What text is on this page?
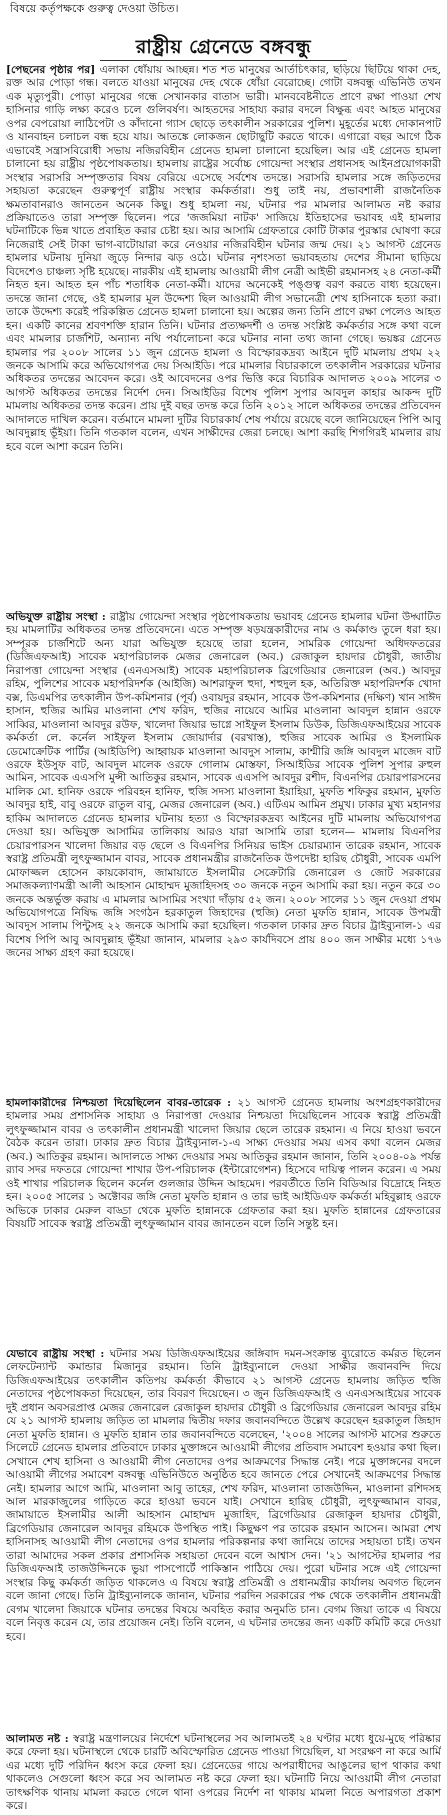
বিষয়ে কর্তৃপক্ষকে গুরুত্ব দেওয়া উচিত।
রাষ্ট্রীয় গ্রেনেডে বঙ্গবন্ধু
[পেছনের পৃষ্ঠার পর] এলাকা ধোঁয়ায় আচ্ছন্ন। শত শত মানুষের আর্তচিৎকার, ছড়িয়ে ছিটিয়ে থাকা দেহ, রক্ত আর পোড়া গন্ধ। বলতে যাওয়া মানুষের দেহ থেকে ধোঁয়া বেরোচ্ছে। গোটা বঙ্গবন্ধু এভিনিউ তখন এক মৃত্যুপুরী। পোড়া মানুষের গন্ধে সেখানকার বাতাস ভারী। মানববেষ্টনীতে প্রাণে রক্ষা পাওয়া শেখ হাসিনার গাড়ি লক্ষ্য করেও চলে গুলিবর্ষণ। আহতদের সাহায্য করার বদলে বিক্ষুব্ধ এবং আহত মানুষের ওপর বেপরোয়া লাঠিপেটা ও কাঁদানো গ্যাস ছোড়ে তৎকালীন সরকারের পুলিশ। মুহূর্তের মধ্যে দোকানপাট ও যানবাহন চলাচল বন্ধ হয়ে যায়। আতঙ্কে লোকজন ছোটাছুটি করতে থাকে। এগারো বছর আগে ঠিক এভাবেই সন্ত্রাসবিরোধী সভায় নজিরবিহীন গ্রেনেড হামলা চালানো হয়েছিল। আর এই গ্রেনেড হামলা চালানো হয় রাষ্ট্রীয় পৃষ্ঠপোষকতায়। হামলায় রাষ্ট্রের সর্বোচ্চ গোয়েন্দা সংস্থার প্রধানসহ আইনপ্রয়োগকারী সংস্থার সরাসরি সম্পৃক্ততার বিষয় বেরিয়ে এসেছে সর্বশেষ তদন্তে। সরাসরি হামলার সঙ্গে জড়িতদের সহায়তা করেছেন গুরুত্বপূর্ণ রাষ্ট্রীয় সংস্থার কর্মকর্তারা। শুধু তাই নয়, প্রভাবশালী রাজনৈতিক ক্ষমতাবানরাও জানতেন অনেক কিছু। শুধু হামলা নয়, ঘটনার পর মামলার আলামত নষ্ট করার প্রক্রিয়াতেও তারা সম্পৃক্ত ছিলেন। পরে 'জজমিয়া নাটক' সাজিয়ে ইতিহাসের ভয়াবহ এই হামলার ঘটনাটিকে ভিন্ন খাতে প্রবাহিত করার চেষ্টা হয়। আর আসামি গ্রেফতারে কোটি টাকার পুরস্কার ঘোষণা করে নিজেরাই সেই টাকা ভাগ-বাটোয়ারা করে নেওয়ার নজিরবিহীন ঘটনার জন্ম দেয়। ২১ আগস্ট গ্রেনেড হামলার ঘটনায় দুনিয়া জুড়ে নিন্দার ঝড় ওঠে। ঘটনার নৃশংসতা ভয়াবহতায় দেশের সীমানা ছাড়িয়ে বিদেশেও চাঞ্চল্য সৃষ্টি হয়েছে। নারকীয় এই হামলায় আওয়ামী লীগ নেত্রী আইভী রহমানসহ ২৪ নেতা-কর্মী নিহত হন। আহত হন পাঁচ শতাধিক নেতা-কর্মী। যাদের অনেকেই পঙ্গুত্ব বরণ করতে বাধ্য হয়েছেন। তদন্তে জানা গেছে, ওই হামলার মূল উদ্দেশ্য ছিল আওয়ামী লীগ সভানেত্রী শেখ হাসিনাকে হত্যা করা। তাকে উদ্দেশ্য করেই পরিকল্পিত গ্রেনেড হামলা চালানো হয়। অল্পের জন্য তিনি প্রাণে রক্ষা পেলেও আহত হন। একটি কানের শ্রবণশক্তি হারান তিনি। ঘটনার প্রত্যক্ষদর্শী ও তদন্ত সংশ্লিষ্ট কর্মকর্তার সঙ্গে কথা বলে এবং মামলার চার্জশিট, অন্যান্য নথি পর্যালোচনা করে ঘটনার নানা তথ্য জানা গেছে। ভয়ঙ্কর গ্রেনেড হামলার পর ২০০৮ সালের ১১ জুন গ্রেনেড হামলা ও বিস্ফোরকদ্রব্য আইনে দুটি মামলায় প্রথম ২২ জনকে আসামি করে অভিযোগপত্র দেয় সিআইডি। পরে মামলার বিচারকালে তৎকালীন সরকারের ঘটনার অধিকতর তদন্তের আবেদন করে। ওই আবেদনের ওপর ভিত্তি করে বিচারিক আদালত ২০০৯ সালের ৩ আগস্ট অধিকতর তদন্তের নির্দেশ দেন। সিআইডির বিশেষ পুলিশ সুপার আবদুল কাহার আকন্দ দুটি মামলায় অধিকতর তদন্ত করেন। প্রায় দুই বছর তদন্ত করে তিনি ২০১২ সালে অধিকতর তদন্তের প্রতিবেদন আদালতে দাখিল করেন। বর্তমানে মামলা দুটির বিচারকার্য শেষ পর্যায়ে রয়েছে বলে জানিয়েছেন পিপি আবু আবদুল্লাহ ভূঁইয়া। তিনি গতকাল বলেন, এখন সাক্ষীদের জেরা চলছে। আশা করছি শিগগিরই মামলার রায় হবে বলে আশা করেন তিনি।
অভিযুক্ত রাষ্ট্রীয় সংস্থা : রাষ্ট্রীয় গোয়েন্দা সংস্থার পৃষ্ঠপোষকতায় ভয়াবহ গ্রেনেড হামলার ঘটনা উদ্ঘাটিত হয় মামলাটির অধিকতর তদন্ত প্রতিবেদনে। এতে সম্পৃক্ত ষড়যন্ত্রকারীদের নাম ও কর্মকাণ্ড তুলে ধরা হয়। সম্পূরক চার্জশিটে অন্য যারা অভিযুক্ত হয়েছে তারা হলেন, সামরিক গোয়েন্দা অধিদফতরের (ডিজিএফআই) সাবেক মহাপরিচালক মেজর জেনারেল (অব.) রেজাকুল হায়দার চৌধুরী, জাতীয় নিরাপত্তা গোয়েন্দা সংস্থার (এনএসআই) সাবেক মহাপরিচালক ব্রিগেডিয়ার জেনারেল (অব.) আবদুর রহিম, পুলিশের সাবেক মহাপরিদর্শক (আইজি) আশরাফুল হুদা, শহুদুল হক, অতিরিক্ত মহাপরিদর্শক খোদা বক্স, ডিএমপির তৎকালীন উপ-কমিশনার (পূর্ব) ওবায়দুর রহমান, সাবেক উপ-কমিশনার (দক্ষিণ) খান সাঈদ হাসান, হুজির আমির মাওলানা শেখ ফরিদ, হুজির নায়েবে আমির মাওলানা আবদুল হান্নান ওরফে সাব্বির, মাওলানা আবদুর রউফ, খালেদা জিয়ার ভাগ্নে সাইফুল ইসলাম ডিউক, ডিজিএফআইয়ের সাবেক কর্মকর্তা লে. কর্নেল সাইফুল ইসলাম জোয়ার্দার (বরখাস্ত), হুজির সাবেক আমির ও ইসলামিক ডেমোক্রেটিক পার্টির (আইডিপি) আহ্বায়ক মাওলানা আবদুস সালাম, কাশ্মীরি জঙ্গি আবদুল মাজেদ বাট ওরফে ইউসুফ বাট, আবদুল মালেক ওরফে গোলাম মোস্তফা, সিআইডির সাবেক পুলিশ সুপার রুহুল আমিন, সাবেক এএসপি মুন্সী আতিকুর রহমান, সাবেক এএসপি আবদুর রশীদ, বিএনপির চেয়ারপারসনের মালিক মো. হানিফ ওরফে পরিবহন হানিফ, হুজি সদস্য মাওলানা ইয়াহিয়া, মুফতি শফিকুর রহমান, মুফতি আবদুর হাই, বাবু ওরফে রাতুল বাবু, মেজর জেনারেল (অব.) এটিএম আমিন প্রমুখ। ঢাকার মুখ্য মহানগর হাকিম আদালতে গ্রেনেড হামলার ঘটনায় হত্যা ও বিস্ফোরকদ্রব্য আইনের দুটি মামলায় অভিযোগপত্র দেওয়া হয়। অভিযুক্ত আসামির তালিকায় আরও যারা আসামি তারা হলেন— মামলায় বিএনপির চেয়ারপারসন খালেদা জিয়ার বড় ছেলে ও বিএনপির সিনিয়র ভাইস চেয়ারম্যান তারেক রহমান, সাবেক স্বরাষ্ট্র প্রতিমন্ত্রী লুৎফুজ্জামান বাবর, সাবেক প্রধানমন্ত্রীর রাজনৈতিক উপদেষ্টা হারিছ চৌধুরী, সাবেক এমপি মোফাজ্জল হোসেন কায়কোবাদ, জামায়াতে ইসলামীর সেক্রেটারি জেনারেল ও জোট সরকারের সমাজকল্যাণমন্ত্রী আলী আহসান মোহাম্মদ মুজাহিদসহ ৩০ জনকে নতুন আসামি করা হয়। নতুন করে ৩০ জনকে অন্তর্ভুক্ত করায় এ মামলার আসামির সংখ্যা দাঁড়ায় ৫২ জন। ২০০৮ সালের ১১ জুন দেওয়া প্রথম অভিযোগপত্রে নিষিদ্ধ জঙ্গি সংগঠন হরকাতুল জিহাদের (হুজি) নেতা মুফতি হান্নান, সাবেক উপমন্ত্রী আবদুস সালাম পিন্টুসহ ২২ জনকে আসামি করা হয়েছিল। গতকাল ঢাকার দ্রুত বিচার ট্রাইব্যুনাল-১ এর বিশেষ পিপি আবু আবদুল্লাহ ভূঁইয়া জানান, মামলার ২৯৩ কার্যদিবসে প্রায় ৪০০ জন সাক্ষীর মধ্যে ১৭৬ জনের সাক্ষ্য গ্রহণ করা হয়েছে।
হামলাকারীদের নিশ্চয়তা দিয়েছিলেন বাবর-তারেক : ২১ আগস্ট গ্রেনেড হামলায় অংশগ্রহণকারীদের হামলার সময় প্রশাসনিক সাহায্য ও নিরাপত্তা দেওয়ার নিশ্চয়তা দিয়েছিলেন সাবেক স্বরাষ্ট্র প্রতিমন্ত্রী লুৎফুজ্জামান বাবর ও তৎকালীন প্রধানমন্ত্রী খালেদা জিয়ার ছেলে তারেক রহমান। এ নিয়ে হাওয়া ভবনে বৈঠক করেন তারা। ঢাকার দ্রুত বিচার ট্রাইব্যুনাল-১-এ সাক্ষ্য দেওয়ার সময় এসব কথা বলেন মেজর (অব.) আতিকুর রহমান। আদালতে সাক্ষ্য দেওয়ার সময় আতিকুর রহমান জানান, তিনি ২০০৪-০৯ পর্যন্ত র‍্যাব সদর দফতরে গোয়েন্দা শাখার উপ-পরিচালক (ইন্টারোগেশন) হিসেবে দায়িত্ব পালন করেন। এ সময় ওই শাখার পরিচালক ছিলেন কর্নেল গুলজার উদ্দিন আহমেদ। পরবর্তীতে তিনি বিডিআর বিদ্রোহে নিহত হন। ২০০৫ সালের ১ অক্টোবর জঙ্গি নেতা মুফতি হান্নান ও তার ভাই আইডিএফ কর্মকর্তা মহিবুল্লাহ ওরফে অভিকে ঢাকার মেরুল বাড্ডা থেকে মুফতি হান্নানকে গ্রেফতার করা হয়। মুফতি হান্নানের গ্রেফতারের বিষয়টি সাবেক স্বরাষ্ট্র প্রতিমন্ত্রী লুৎফুজ্জামান বাবর জানতেন বলে তিনি সন্তুষ্ট হন।
যেভাবে রাষ্ট্রীয় সংস্থা : ঘটনার সময় ডিজিএফআইয়ের জঙ্গিবাদ দমন-সংক্রান্ত ব্যুরোতে কর্মরত ছিলেন লেফটেন্যান্ট কমান্ডার মিজানুর রহমান। তিনি ট্রাইব্যুনালে দেওয়া সাক্ষীর জবানবন্দি দিয়ে ডিজিএফআইয়ের তৎকালীন কতিপয় কর্মকর্তা কীভাবে ২১ আগস্ট গ্রেনেড হামলায় জড়িত হুজি নেতাদের পৃষ্ঠপোষকতা দিয়েছেন, তার বিবরণ দিয়েছেন। ৩ জুন ডিজিএফআই ও এনএসআইয়ের সাবেক দুই প্রধান অবসরপ্রাপ্ত মেজর জেনারেল রেজাকুল হায়দার চৌধুরী ও ব্রিগেডিয়ার জেনারেল আবদুর রহিম যে ২১ আগস্ট হামলায় জড়িত তা মামলার দ্বিতীয় দফার জবানবন্দিতে উল্লেখ করেছেন হরকাতুল জিহাদ নেতা মুফতি হান্নান। ও মুফতি হান্নান তার জবানবন্দিতে বলেছেন, '২০০৪ সালের আগস্ট মাসের শুরুতে সিলেটে গ্রেনেড হামলার প্রতিবাদে ঢাকার মুক্তাঙ্গনে আওয়ামী লীগের প্রতিবাদ সমাবেশ হওয়ার কথা ছিল। সেখানে শেখ হাসিনা ও আওয়ামী লীগ নেতাদের ওপর আক্রমণের সিদ্ধান্ত নেই। পরে মুক্তাঙ্গনের বদলে আওয়ামী লীগের সমাবেশ বঙ্গবন্ধু এভিনিউতে অনুষ্ঠিত হবে জানতে পেরে সেখানেই আক্রমণের সিদ্ধান্ত নেই। হামলার আগে আমি, মাওলানা আবু তাহের, শেখ ফরিদ, মাওলানা তাজউদ্দিন, মাওলানা রশিদসহ আল মারকাজুলের গাড়িতে করে হাওয়া ভবনে যাই। সেখানে হারিছ চৌধুরী, লুৎফুজ্জামান বাবর, জামায়াতে ইসলামীর আলী আহসান মোহাম্মদ মুজাহিদ, ব্রিগেডিয়ার রেজাকুল হায়দার চৌধুরী, ব্রিগেডিয়ার জেনারেল আবদুর রহিমকে উপস্থিত পাই। কিছুক্ষণ পর তারেক রহমান আসেন। আমরা শেখ হাসিনাসহ আওয়ামী লীগ নেতাদের ওপর হামলার পরিকল্পনার কথা জানিয়ে তাদের সহায়তা চাই। তখন তারা আমাদের সকল প্রকার প্রশাসনিক সহায়তা দেবেন বলে আশ্বাস দেন। '২১ আগস্টের হামলার পর ডিজিএফআই তাজউদ্দিনকে ভুয়া পাসপোর্টে পাকিস্তান পাঠিয়ে দেয়। পুরো ঘটনার সঙ্গে এই গোয়েন্দা সংস্থার কিছু কর্মকর্তা জড়িত থাকলেও এ বিষয়ে স্বরাষ্ট্র প্রতিমন্ত্রী ও প্রধানমন্ত্রীর কার্যালয় অবগত ছিলেন বলে জানা গেছে। তিনি ট্রাইব্যুনালকে জানান, ঘটনার পরদিন সরকারের পক্ষ থেকে তৎকালীন প্রধানমন্ত্রী বেগম খালেদা জিয়াকে ঘটনার তদন্তের বিষয়ে অবহিত করার অনুমতি চান। বেগম জিয়া তাকে এ বিষয়ে বলে নিবৃত্ত করেন যে, তার প্রয়োজন নেই। তিনি বলেন, এ ঘটনার তদন্তের জন্য একটি কমিটি করে দেওয়া হবে।
আলামত নষ্ট : স্বরাষ্ট্র মন্ত্রণালয়ের নির্দেশে ঘটনাস্থলের সব আলামতই ২৪ ঘণ্টার মধ্যে ধুয়ে-মুছে পরিষ্কার করে ফেলা হয়। ঘটনাস্থলে থেকে চারটি অবিস্ফোরিত গ্রেনেড পাওয়া গিয়েছিল, যা সংরক্ষণ না করে আর্মি এর মধ্যে দুটি পরিদিন ধ্বংস করে ফেলা হয়। গ্রেনেডের গায়ে অপরাধীদের আঙুলের ছাপ থাকার কথা থাকলেও সেগুলো ধ্বংস করে সব আলামত নষ্ট করে ফেলা হয়। ঘটনাটি নিয়ে আওয়ামী লীগ নেতারা তাৎক্ষণিক থানায় মামলা করতে গেলে থানা ওপরের নির্দেশ না থাকায় মামলা নিতে অপারগতা প্রকাশ করে।
